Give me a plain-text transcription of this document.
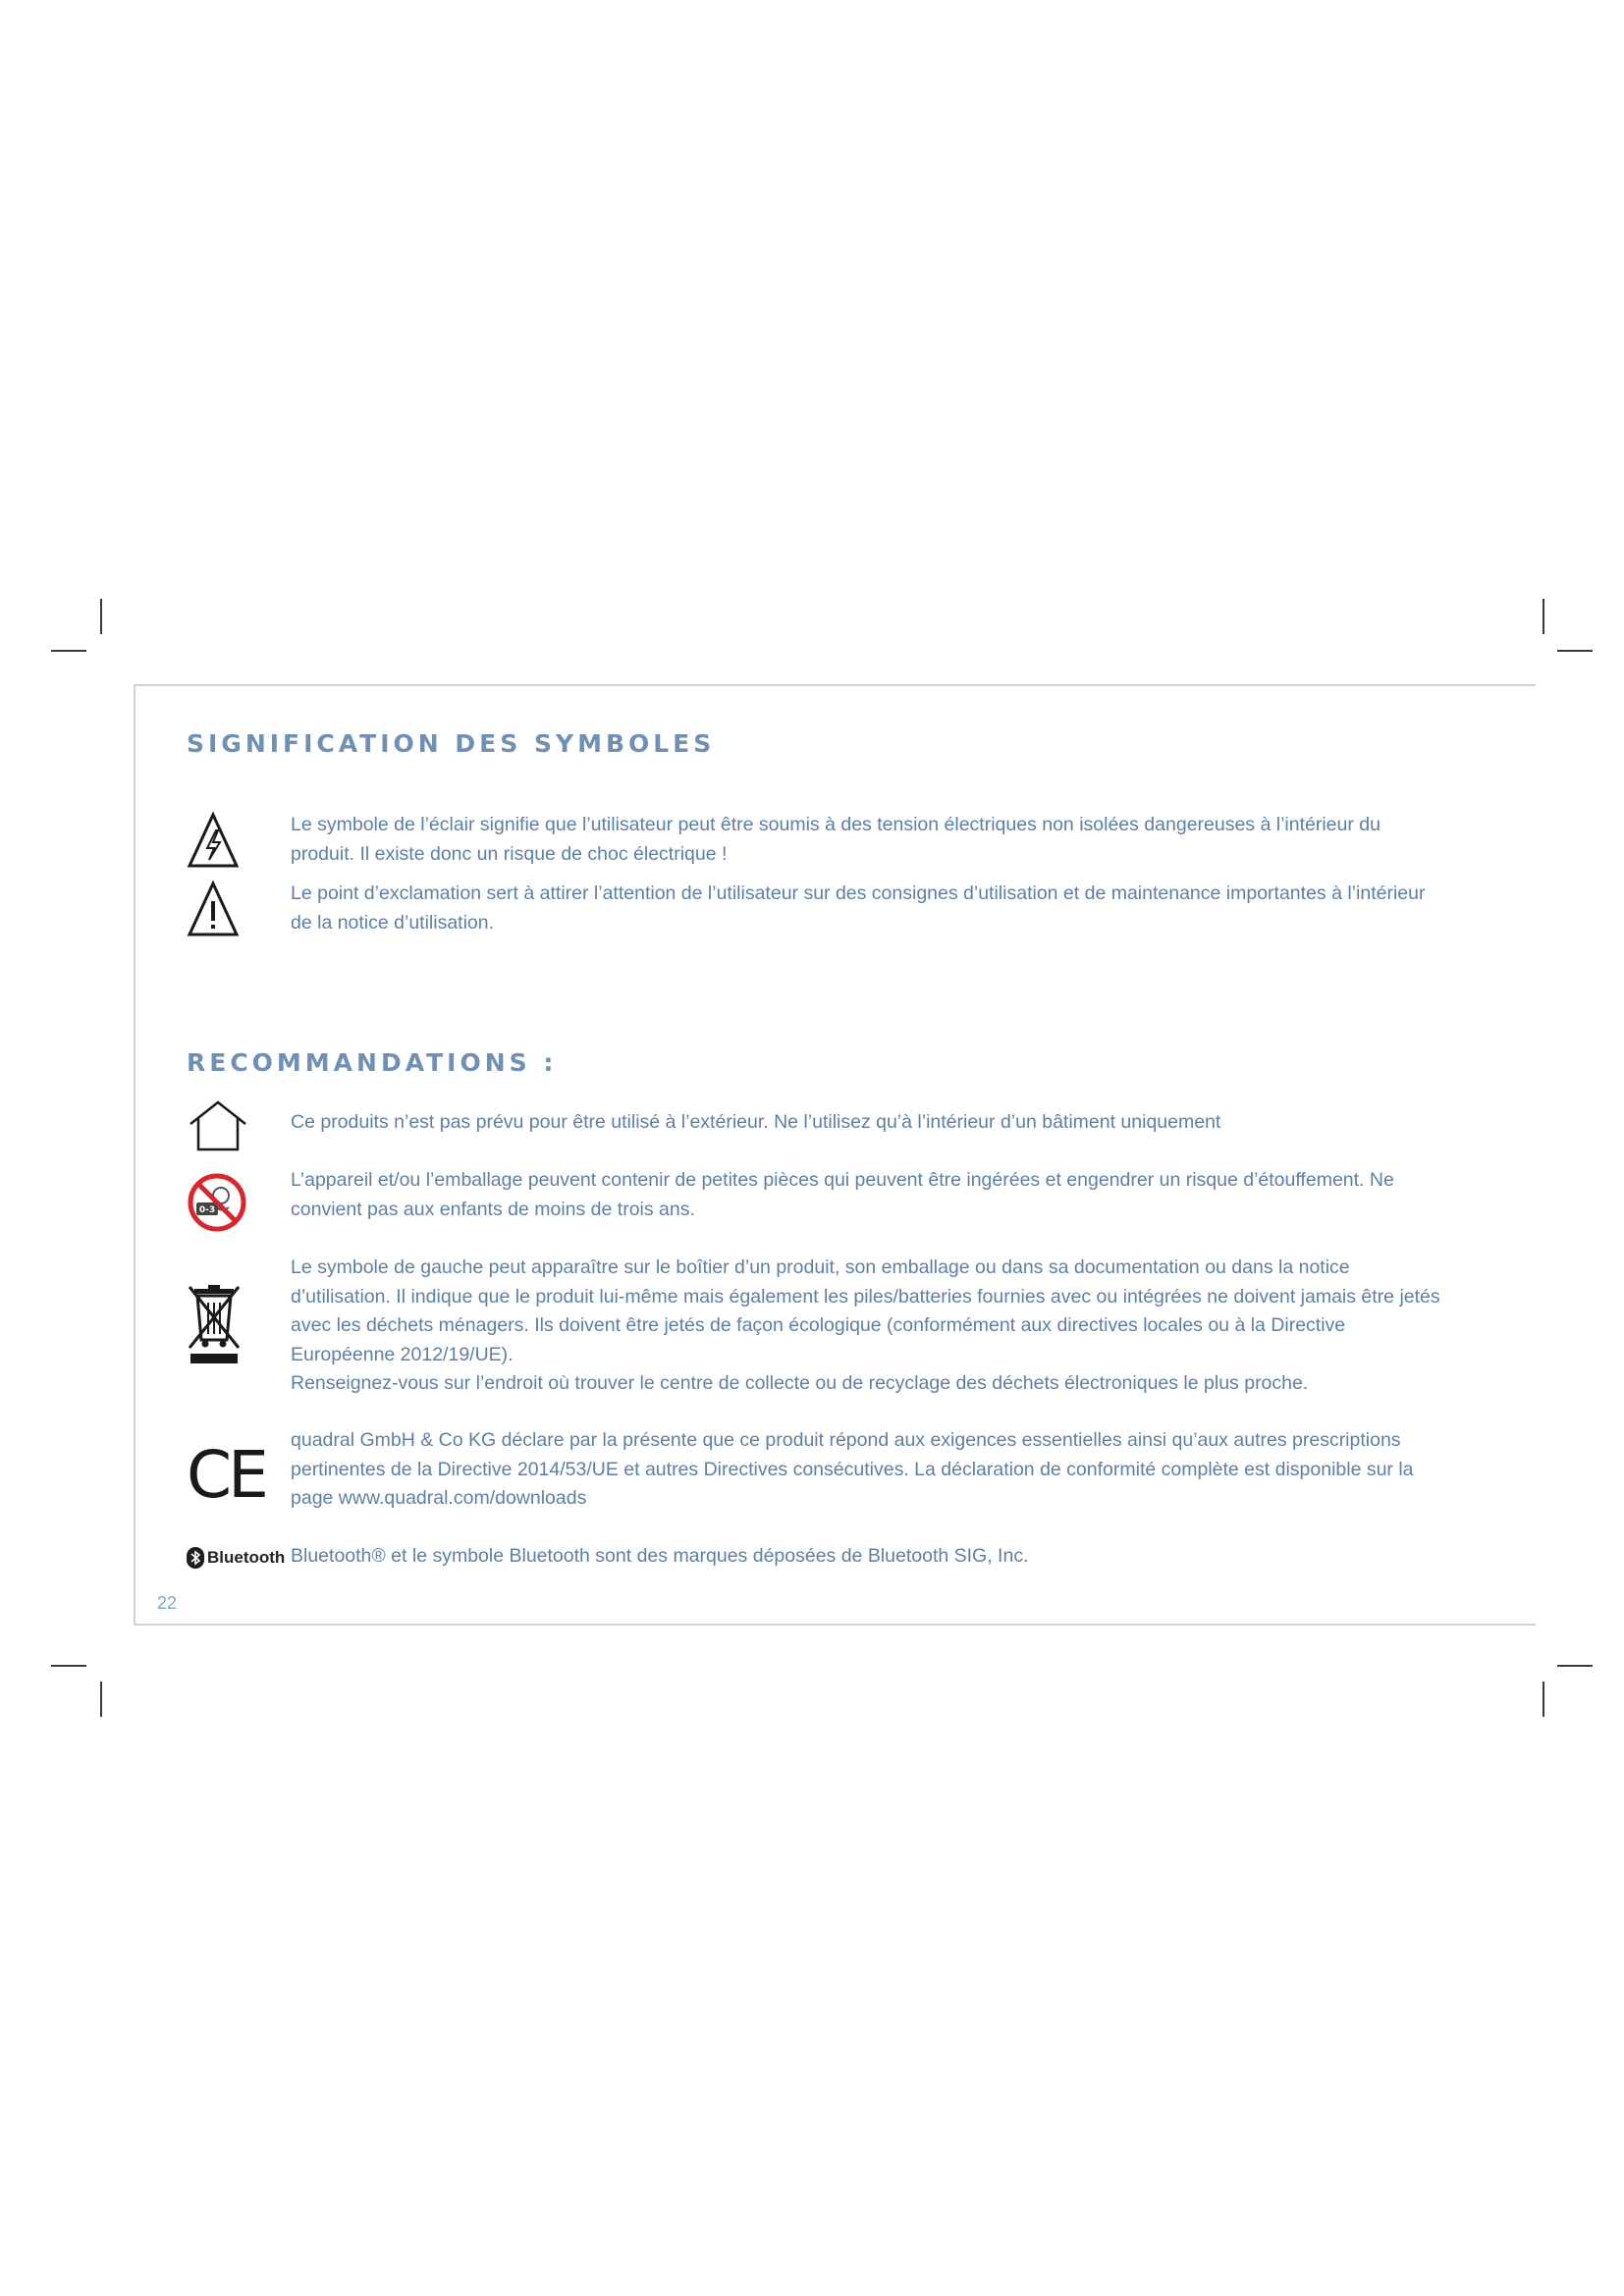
SIGNIFICATION DES SYMBOLES

Le symbole de l’éclair signifie que l’utilisateur peut être soumis à des tension électriques non isolées dangereuses à l’intérieur du produit. Il existe donc un risque de choc électrique !

Le point d’exclamation sert à attirer l’attention de l’utilisateur sur des consignes d’utilisation et de maintenance importantes à l’intérieur de la notice d’utilisation.

RECOMMANDATIONS :

Ce produits n’est pas prévu pour être utilisé à l’extérieur. Ne l’utilisez qu’à l’intérieur d’un bâtiment uniquement

0-3

L’appareil et/ou l’emballage peuvent contenir de petites pièces qui peuvent être ingérées et engendrer un risque d’étouffement. Ne convient pas aux enfants de moins de trois ans.

Le symbole de gauche peut apparaître sur le boîtier d’un produit, son emballage ou dans sa documentation ou dans la notice d’utilisation. Il indique que le produit lui-même mais également les piles/batteries fournies avec ou intégrées ne doivent jamais être jetés avec les déchets ménagers. Ils doivent être jetés de façon écologique (conformément aux directives locales ou à la Directive Européenne 2012/19/UE).

Renseignez-vous sur l’endroit où trouver le centre de collecte ou de recyclage des déchets électroniques le plus proche.

CE quadral GmbH & Co KG déclare par la présente que ce produit répond aux exigences essentielles ainsi qu’aux autres prescriptions pertinentes de la Directive 2014/53/UE et autres Directives consécutives. La déclaration de conformité complète est disponible sur la page www.quadral.com/downloads

Bluetooth Bluetooth® et le symbole Bluetooth sont des marques déposées de Bluetooth SIG, Inc.

22
